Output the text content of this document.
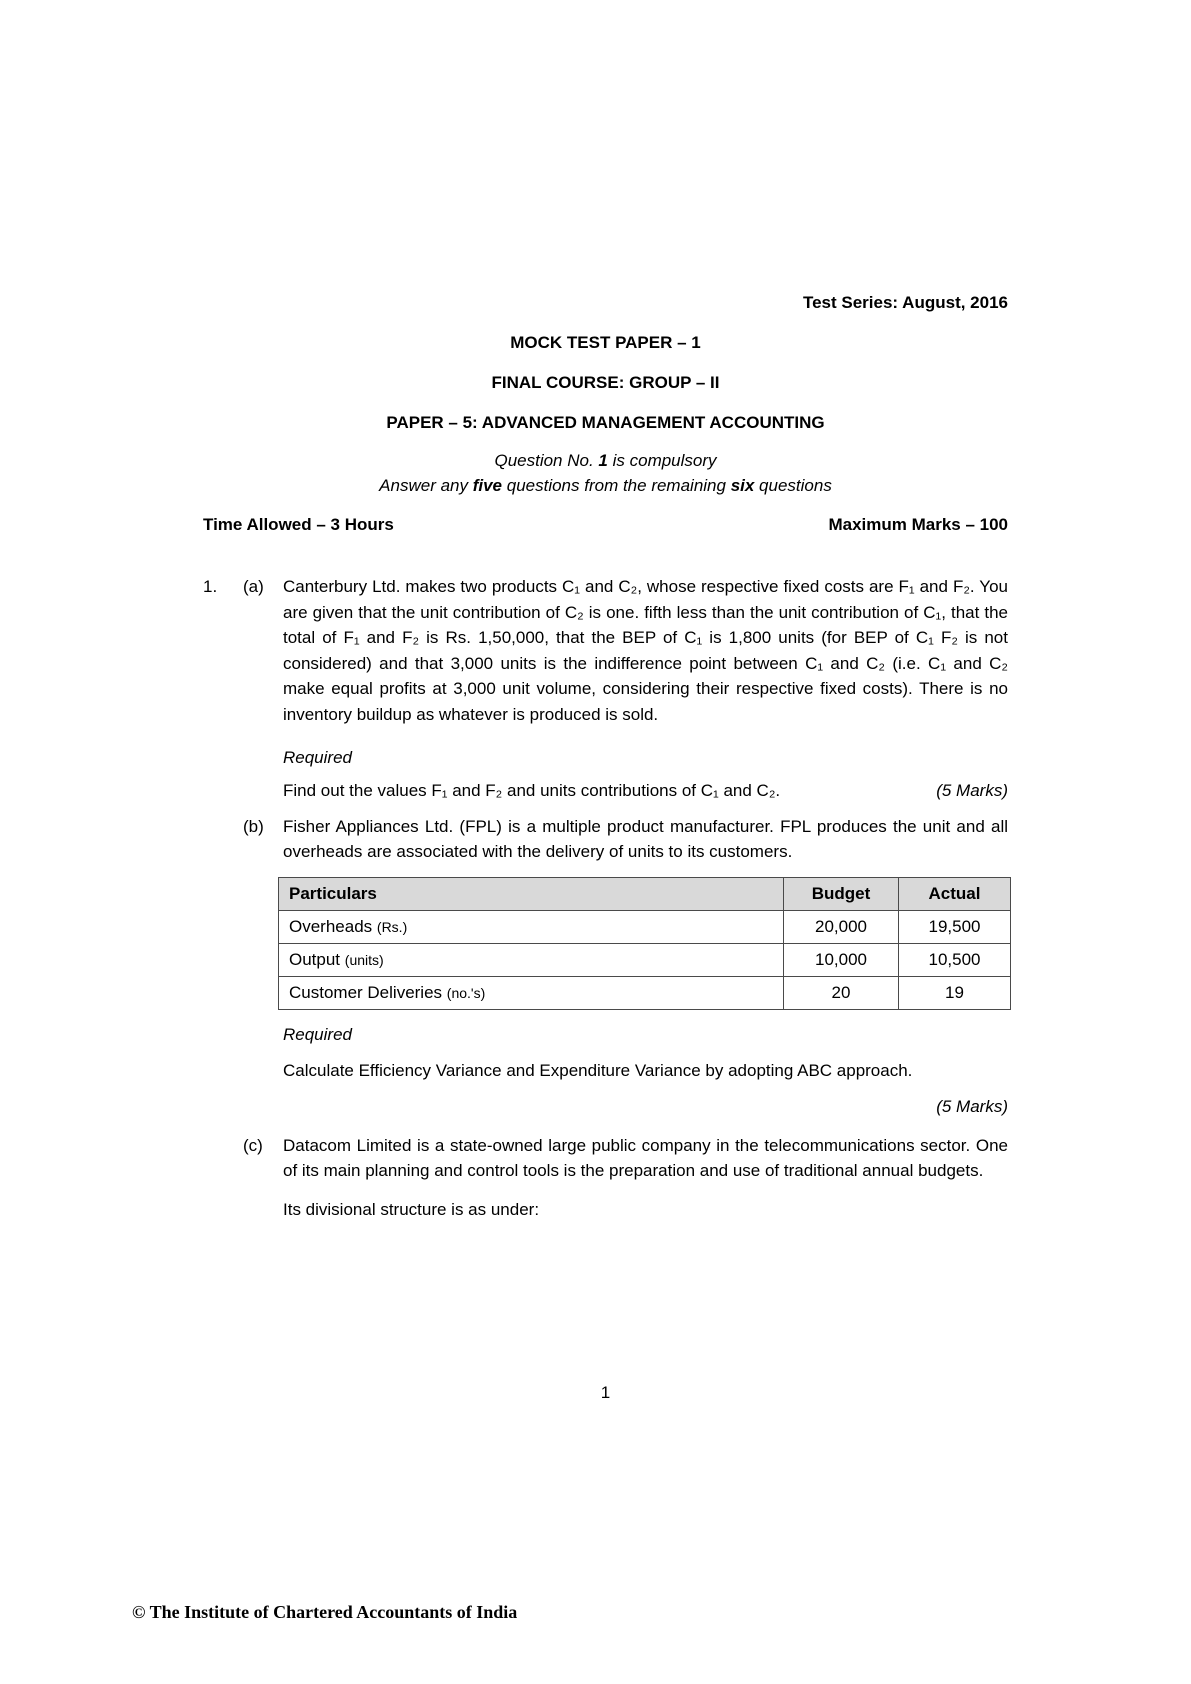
Test Series: August, 2016
MOCK TEST PAPER – 1
FINAL COURSE: GROUP – II
PAPER – 5: ADVANCED MANAGEMENT ACCOUNTING
Question No. 1 is compulsory
Answer any five questions from the remaining six questions
Time Allowed – 3 Hours	Maximum Marks – 100
1.	(a)	Canterbury Ltd. makes two products C₁ and C₂, whose respective fixed costs are F₁ and F₂. You are given that the unit contribution of C₂ is one. fifth less than the unit contribution of C₁, that the total of F₁ and F₂ is Rs. 1,50,000, that the BEP of C₁ is 1,800 units (for BEP of C₁ F₂ is not considered) and that 3,000 units is the indifference point between C₁ and C₂ (i.e. C₁ and C₂ make equal profits at 3,000 unit volume, considering their respective fixed costs). There is no inventory buildup as whatever is produced is sold.
Required
Find out the values F₁ and F₂ and units contributions of C₁ and C₂.	(5 Marks)
(b)	Fisher Appliances Ltd. (FPL) is a multiple product manufacturer. FPL produces the unit and all overheads are associated with the delivery of units to its customers.
Particulars	Budget	Actual
Overheads (Rs.)	20,000	19,500
Output (units)	10,000	10,500
Customer Deliveries (no.'s)	20	19
Required
Calculate Efficiency Variance and Expenditure Variance by adopting ABC approach.
(5 Marks)
(c)	Datacom Limited is a state-owned large public company in the telecommunications sector. One of its main planning and control tools is the preparation and use of traditional annual budgets.
Its divisional structure is as under:
1
© The Institute of Chartered Accountants of India
